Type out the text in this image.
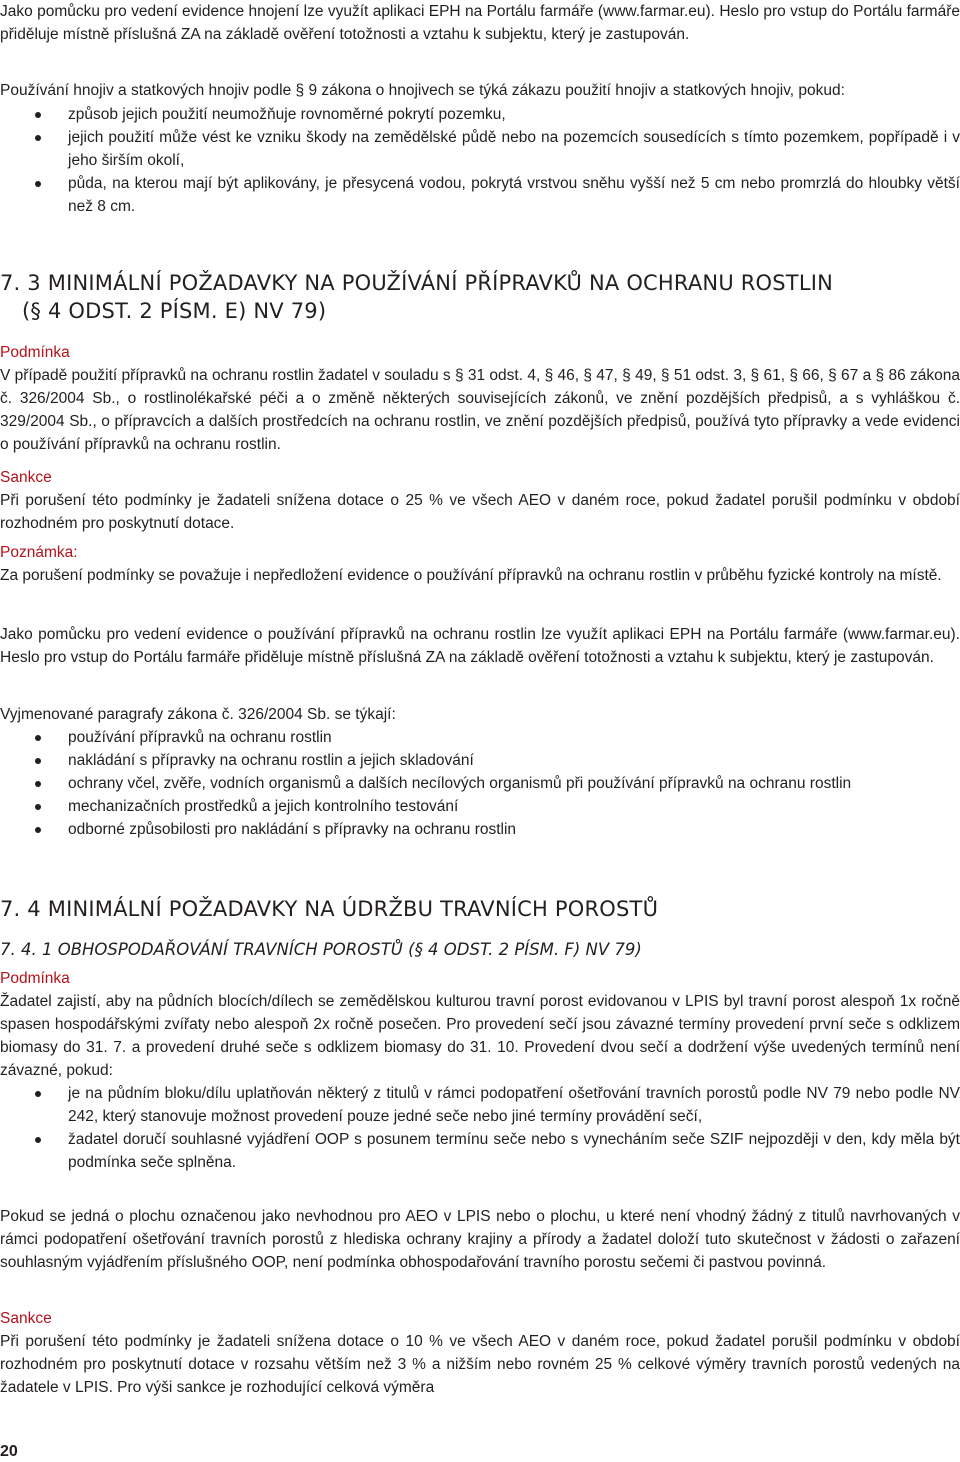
Jako pomůcku pro vedení evidence hnojení lze využít aplikaci EPH na Portálu farmáře (www.farmar.eu). Heslo pro vstup do Portálu farmáře přiděluje místně příslušná ZA na základě ověření totožnosti a vztahu k subjektu, který je zastupován.

Používání hnojiv a statkových hnojiv podle § 9 zákona o hnojivech se týká zákazu použití hnojiv a statkových hnojiv, pokud:

způsob jejich použití neumožňuje rovnoměrné pokrytí pozemku,
jejich použití může vést ke vzniku škody na zemědělské půdě nebo na pozemcích sousedících s tímto pozemkem, popřípadě i v jeho širším okolí,
půda, na kterou mají být aplikovány, je přesycená vodou, pokrytá vrstvou sněhu vyšší než 5 cm nebo promrzlá do hloubky větší než 8 cm.
7. 3 MINIMÁLNÍ POŽADAVKY NA POUŽÍVÁNÍ PŘÍPRAVKŮ NA OCHRANU ROSTLIN
(§ 4 ODST. 2 PÍSM. E) NV 79)

Podmínka

V případě použití přípravků na ochranu rostlin žadatel v souladu s § 31 odst. 4, § 46, § 47, § 49, § 51 odst. 3, § 61, § 66, § 67 a § 86 zákona č. 326/2004 Sb., o rostlinolékařské péči a o změně některých souvisejících zákonů, ve znění pozdějších předpisů, a s vyhláškou č. 329/2004 Sb., o přípravcích a dalších prostředcích na ochranu rostlin, ve znění pozdějších předpisů, používá tyto přípravky a vede evidenci o používání přípravků na ochranu rostlin.

Sankce

Při porušení této podmínky je žadateli snížena dotace o 25 % ve všech AEO v daném roce, pokud žadatel porušil podmínku v období rozhodném pro poskytnutí dotace.

Poznámka:

Za porušení podmínky se považuje i nepředložení evidence o používání přípravků na ochranu rostlin v průběhu fyzické kontroly na místě.

Jako pomůcku pro vedení evidence o používání přípravků na ochranu rostlin lze využít aplikaci EPH na Portálu farmáře (www.farmar.eu). Heslo pro vstup do Portálu farmáře přiděluje místně příslušná ZA na základě ověření totožnosti a vztahu k subjektu, který je zastupován.

Vyjmenované paragrafy zákona č. 326/2004 Sb. se týkají:

používání přípravků na ochranu rostlin
nakládání s přípravky na ochranu rostlin a jejich skladování
ochrany včel, zvěře, vodních organismů a dalších necílových organismů při používání přípravků na ochranu rostlin
mechanizačních prostředků a jejich kontrolního testování
odborné způsobilosti pro nakládání s přípravky na ochranu rostlin
7. 4 MINIMÁLNÍ POŽADAVKY NA ÚDRŽBU TRAVNÍCH POROSTŮ
7. 4. 1 OBHOSPODAŘOVÁNÍ TRAVNÍCH POROSTŮ (§ 4 ODST. 2 PÍSM. F) NV 79)

Podmínka

Žadatel zajistí, aby na půdních blocích/dílech se zemědělskou kulturou travní porost evidovanou v LPIS byl travní porost alespoň 1x ročně spasen hospodářskými zvířaty nebo alespoň 2x ročně posečen. Pro provedení sečí jsou závazné termíny provedení první seče s odklizem biomasy do 31. 7. a provedení druhé seče s odklizem biomasy do 31. 10. Provedení dvou sečí a dodržení výše uvedených termínů není závazné, pokud:

je na půdním bloku/dílu uplatňován některý z titulů v rámci podopatření ošetřování travních porostů podle NV 79 nebo podle NV 242, který stanovuje možnost provedení pouze jedné seče nebo jiné termíny provádění sečí,
žadatel doručí souhlasné vyjádření OOP s posunem termínu seče nebo s vynecháním seče SZIF nejpozději v den, kdy měla být podmínka seče splněna.

Pokud se jedná o plochu označenou jako nevhodnou pro AEO v LPIS nebo o plochu, u které není vhodný žádný z titulů navrhovaných v rámci podopatření ošetřování travních porostů z hlediska ochrany krajiny a přírody a žadatel doloží tuto skutečnost v žádosti o zařazení souhlasným vyjádřením příslušného OOP, není podmínka obhospodařování travního porostu sečemi či pastvou povinná.

Sankce

Při porušení této podmínky je žadateli snížena dotace o 10 % ve všech AEO v daném roce, pokud žadatel porušil podmínku v období rozhodném pro poskytnutí dotace v rozsahu větším než 3 % a nižším nebo rovném 25 % celkové výměry travních porostů vedených na žadatele v LPIS. Pro výši sankce je rozhodující celková výměra

20
